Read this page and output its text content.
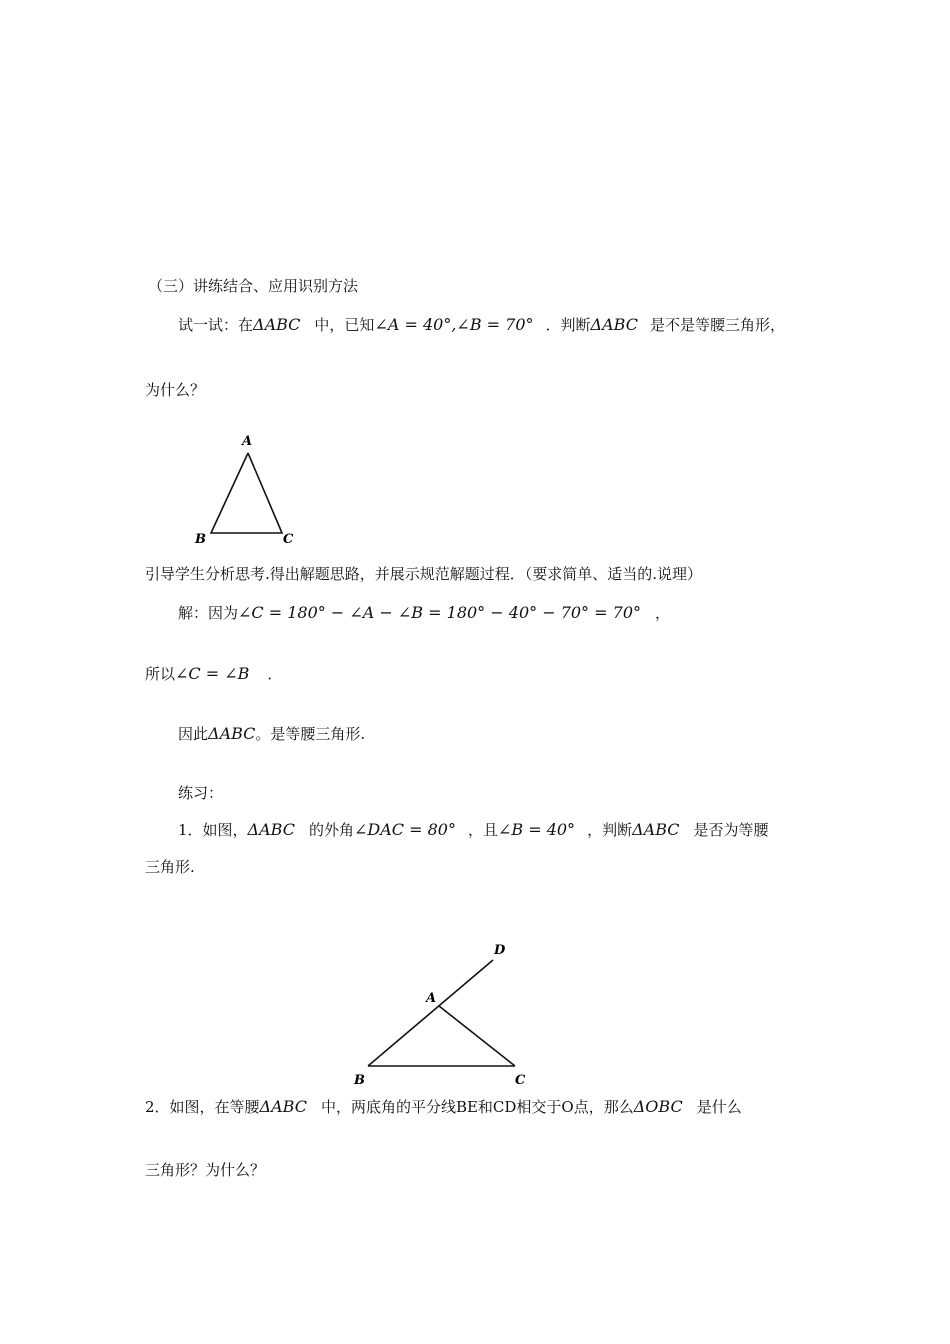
（三）讲练结合、应用识别方法
试一试：在ΔABC 中，已知∠A = 40°,∠B = 70° ．判断ΔABC 是不是等腰三角形，
为什么？
A
B	C
引导学生分析思考.得出解题思路，并展示规范解题过程．（要求简单、适当的.说理）
解：因为∠C = 180° − ∠A − ∠B = 180° − 40° − 70° = 70° ，
所以∠C = ∠B ．
因此ΔABC。是等腰三角形.
练习：
1．如图，ΔABC 的外角∠DAC = 80° ，且∠B = 40° ，判断ΔABC 是否为等腰
三角形.
D
A
B	C
2．如图，在等腰ΔABC 中，两底角的平分线BE和CD相交于O点，那么ΔOBC 是什么
三角形？为什么？
